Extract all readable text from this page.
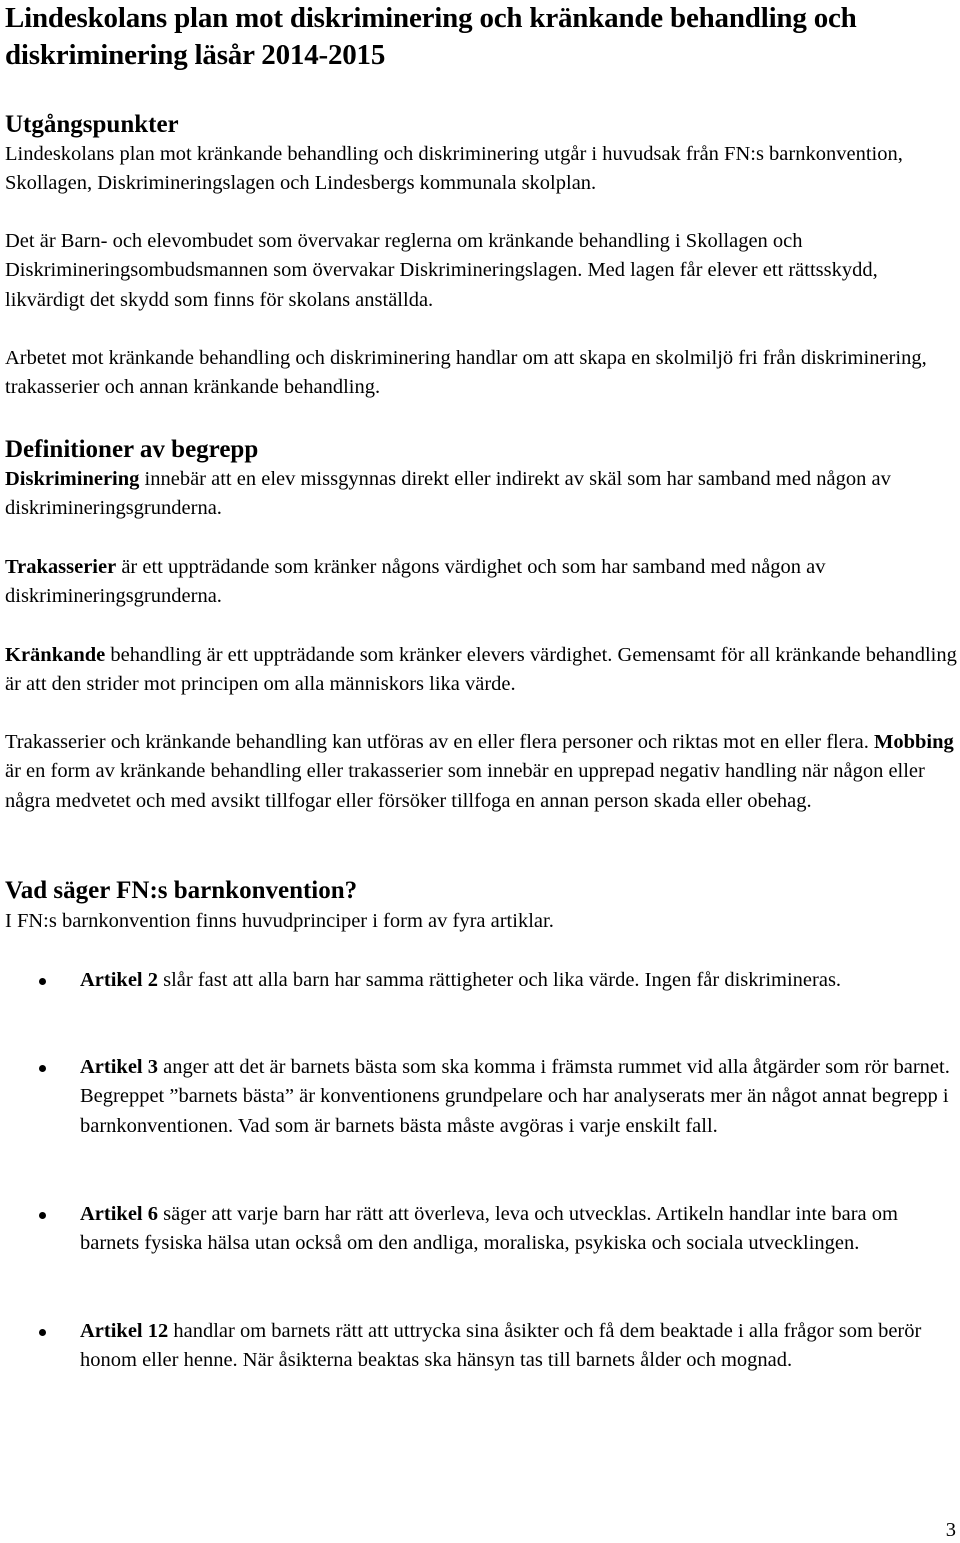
Lindeskolans plan mot diskriminering och kränkande behandling och diskriminering läsår 2014-2015
Utgångspunkter

Lindeskolans plan mot kränkande behandling och diskriminering utgår i huvudsak från FN:s barnkonvention, Skollagen, Diskrimineringslagen och Lindesbergs kommunala skolplan.

Det är Barn- och elevombudet som övervakar reglerna om kränkande behandling i Skollagen och Diskrimineringsombudsmannen som övervakar Diskrimineringslagen. Med lagen får elever ett rättsskydd, likvärdigt det skydd som finns för skolans anställda.

Arbetet mot kränkande behandling och diskriminering handlar om att skapa en skolmiljö fri från diskriminering, trakasserier och annan kränkande behandling.

Definitioner av begrepp

Diskriminering innebär att en elev missgynnas direkt eller indirekt av skäl som har samband med någon av diskrimineringsgrunderna.

Trakasserier är ett uppträdande som kränker någons värdighet och som har samband med någon av diskrimineringsgrunderna.

Kränkande behandling är ett uppträdande som kränker elevers värdighet. Gemensamt för all kränkande behandling är att den strider mot principen om alla människors lika värde.

Trakasserier och kränkande behandling kan utföras av en eller flera personer och riktas mot en eller flera. Mobbing är en form av kränkande behandling eller trakasserier som innebär en upprepad negativ handling när någon eller några medvetet och med avsikt tillfogar eller försöker tillfoga en annan person skada eller obehag.

Vad säger FN:s barnkonvention?

I FN:s barnkonvention finns huvudprinciper i form av fyra artiklar.

Artikel 2 slår fast att alla barn har samma rättigheter och lika värde. Ingen får diskrimineras.

Artikel 3 anger att det är barnets bästa som ska komma i främsta rummet vid alla åtgärder som rör barnet. Begreppet ”barnets bästa” är konventionens grundpelare och har analyserats mer än något annat begrepp i barnkonventionen. Vad som är barnets bästa måste avgöras i varje enskilt fall.

Artikel 6 säger att varje barn har rätt att överleva, leva och utvecklas. Artikeln handlar inte bara om barnets fysiska hälsa utan också om den andliga, moraliska, psykiska och sociala utvecklingen.

Artikel 12 handlar om barnets rätt att uttrycka sina åsikter och få dem beaktade i alla frågor som berör honom eller henne. När åsikterna beaktas ska hänsyn tas till barnets ålder och mognad.

3
